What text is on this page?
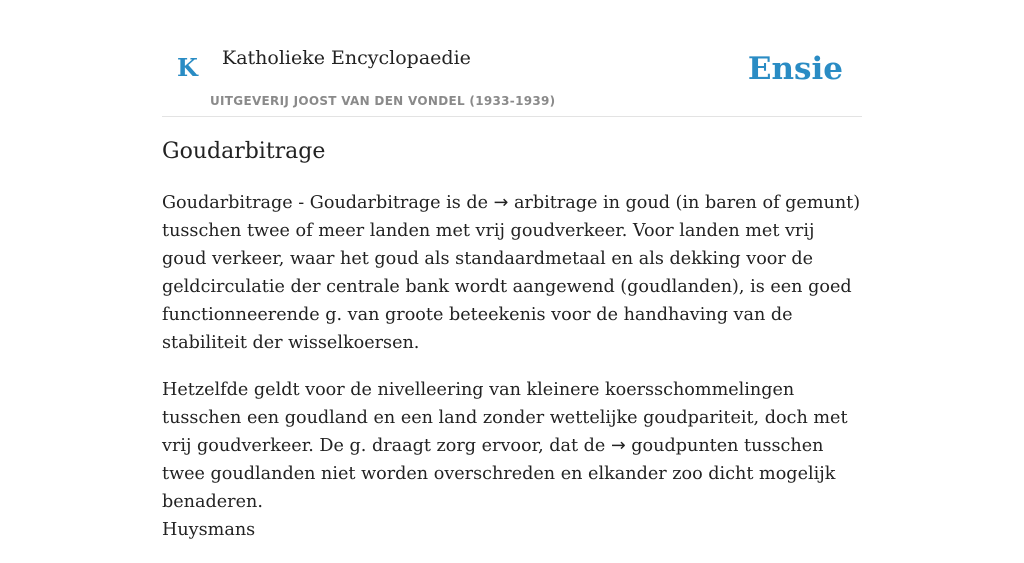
K Katholieke Encyclopaedie
UITGEVERIJ JOOST VAN DEN VONDEL (1933-1939)
Ensie
Goudarbitrage

Goudarbitrage - Goudarbitrage is de → arbitrage in goud (in baren of gemunt) tusschen twee of meer landen met vrij goudverkeer. Voor landen met vrij goud verkeer, waar het goud als standaardmetaal en als dekking voor de geldcirculatie der centrale bank wordt aangewend (goudlanden), is een goed functionneerende g. van groote beteekenis voor de handhaving van de stabiliteit der wisselkoersen.

Hetzelfde geldt voor de nivelleering van kleinere koersschommelingen tusschen een goudland en een land zonder wettelijke goudpariteit, doch met vrij goudverkeer. De g. draagt zorg ervoor, dat de → goudpunten tusschen twee goudlanden niet worden overschreden en elkander zoo dicht mogelijk benaderen.
Huysmans
